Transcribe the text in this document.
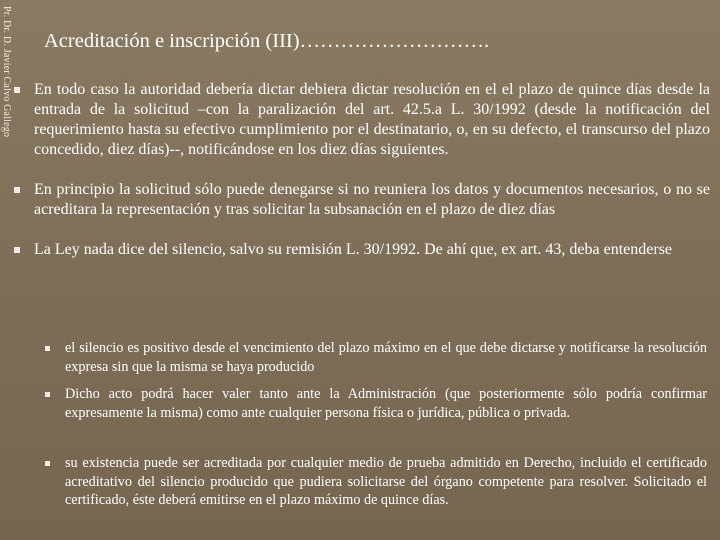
Pr. Dr. D. Javier Calvo Gallego Acreditación e inscripción (III)……………………….
En todo caso la autoridad debería dictar debiera dictar resolución en el el plazo de quince días desde la entrada de la solicitud –con la paralización del art. 42.5.a L. 30/1992 (desde la notificación del requerimiento hasta su efectivo cumplimiento por el destinatario, o, en su defecto, el transcurso del plazo concedido, diez días)--, notificándose en los diez días siguientes.
En principio la solicitud sólo puede denegarse si no reuniera los datos y documentos necesarios, o no se acreditara la representación y tras solicitar la subsanación en el plazo de diez días
La Ley nada dice del silencio, salvo su remisión L. 30/1992. De ahí que, ex art. 43, deba entenderse
el silencio es positivo desde el vencimiento del plazo máximo en el que debe dictarse y notificarse la resolución expresa sin que la misma se haya producido
Dicho acto podrá hacer valer tanto ante la Administración (que posteriormente sólo podría confirmar expresamente la misma) como ante cualquier persona física o jurídica, pública o privada.
su existencia puede ser acreditada por cualquier medio de prueba admitido en Derecho, incluido el certificado acreditativo del silencio producido que pudiera solicitarse del órgano competente para resolver. Solicitado el certificado, éste deberá emitirse en el plazo máximo de quince días.
